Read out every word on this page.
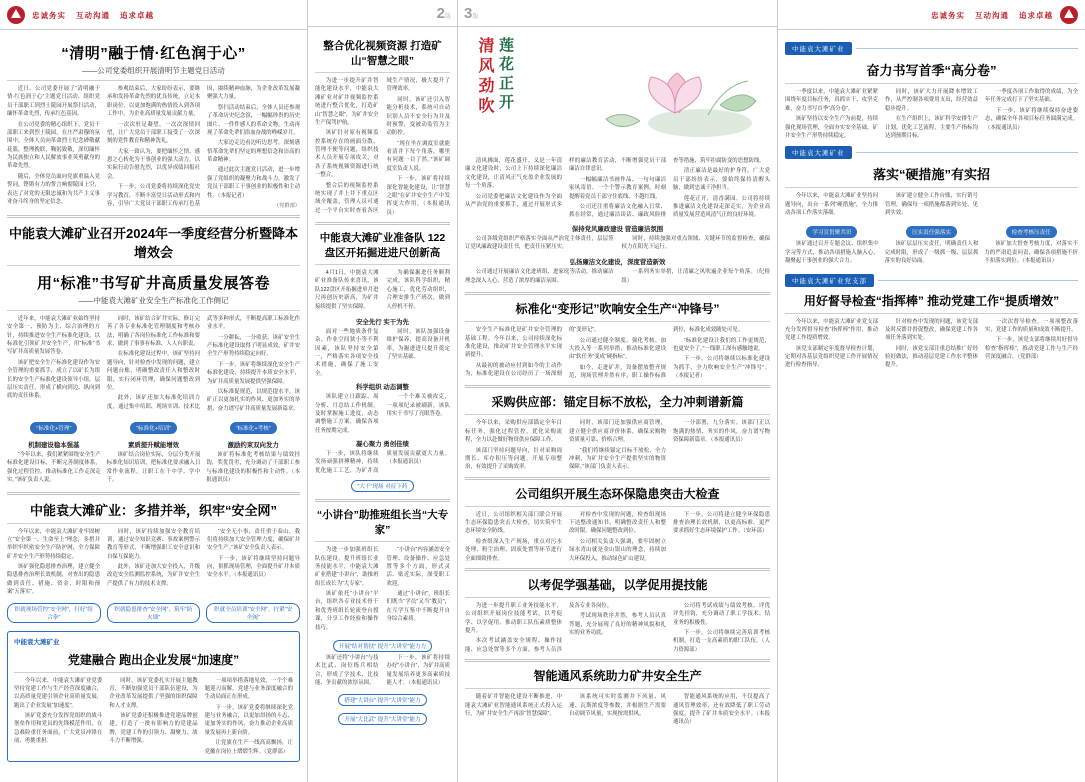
忠诚务实 互动沟通 追求卓越
“清明”融于情·红色润于心”
——公司党委组织开展清明节主题党日活动

近日，公司党委开展了“清明融于情·红色润于心”主题党日活动，组织党员干部职工到烈士陵园开展祭扫活动，缅怀革命先烈，传承红色基因。

在公司党委的精心组织下，党员干部职工来到烈士陵园，在庄严肃穆的氛围中，全体人员向革命烈士纪念碑敬献花篮，整理挽联，鞠躬致敬，深切缅怀为民族独立和人民解放事业英勇献身的革命先烈。

随后，全体党员面向党旗重温入党誓词，铿锵有力的誓言响彻陵园上空，表达了对党的无限忠诚和为共产主义事业奋斗终身的坚定信念。

参观结束后，大家纷纷表示，要继承和发扬革命先烈的优良传统，立足本职岗位，以更加饱满的热情投入到各项工作中，为企业高质量发展贡献力量。

一次次驻足凝望，一次次深情回望，让广大党员干部职工接受了一次深刻的党性教育和精神洗礼。

大家一致认为，要把缅怀之情、感恩之心转化为干事创业的强大动力，以实际行动告慰先烈，以优异成绩回报社会。

下一步，公司党委将持续深化党史学习教育，不断丰富党日活动形式和内容，引导广大党员干部职工传承红色基因，赓续精神血脉，为企业改革发展凝聚强大力量。

祭扫活动结束后，全体人员还参观了革命历史纪念馆，一幅幅珍贵的历史图片、一件件感人的革命文物，生动再现了革命先辈们浴血奋战的峥嵘岁月。

大家边走边看边听边思考，深刻感悟革命先辈们坚定的理想信念和崇高的革命精神。

通过此次主题党日活动，进一步增强了党组织的凝聚力和战斗力，激发了党员干部职工干事创业的积极性和主动性。（本报记者）

（党群部）

中能袁大滩矿业召开2024年一季度经营分析暨降本增效会
用“标准”书写矿井高质量发展答卷
——中能袁大滩矿业安全生产标准化工作侧记

近年来，中能袁大滩矿业始终坚持安全第一、预防为主、综合治理的方针，持续推进安全生产标准化建设，以标准化引领矿井安全生产，用“标准”书写矿井高质量发展答卷。

该矿把安全生产标准化建设作为安全管理的重要抓手，成立了以矿长为组长的安全生产标准化建设领导小组，层层压实责任，形成了横向到边、纵向到底的责任体系。

同时，该矿结合矿井实际，修订完善了各专业标准化管理制度和考核办法，明确了各岗位标准化工作标准和要求，做到了事事有标准、人人有职责。

在标准化建设过程中，该矿坚持问题导向，针对检查中发现的问题，建立问题台账，明确整改责任人和整改时限，实行闭环管理，确保问题整改到位。

此外，该矿还加大标准化培训力度，通过集中培训、现场实训、技术比武等多种形式，不断提高职工标准化作业水平。

一分耕耘，一分收获。该矿安全生产标准化建设取得了明显成效，矿井安全生产形势持续稳定向好。

下一步，该矿将继续深化安全生产标准化建设，持续提升本质安全水平，为矿井高质量发展提供坚强保障。

以标准促规范，以规范提水平，该矿正以更加扎实的作风、更加务实的举措，奋力谱写矿井高质量发展新篇章。

“标准化+管理”
机制建设稳本强基

“今年以来，我们紧紧围绕安全生产标准化建设目标，不断完善制度体系，强化过程管控，推动标准化工作走深走实。”该矿负责人说。

“标准化+培训”
素质提升赋能增效

该矿结合岗位实际，分层分类开展标准化知识培训，把标准化要求融入日常作业流程，让职工在干中学、学中干。

“标准化+考核”
激励约束双向发力

该矿将标准化考核结果与绩效挂钩，奖优罚劣，充分调动了干部职工参与标准化建设的积极性和主动性。（本报通讯员）

中能袁大滩矿业：多措并举，织牢“安全网”

今年以来，中能袁大滩矿业牢固树立“安全第一、生命至上”理念，多措并举织牢织密安全生产防护网，全力保障矿井安全生产形势持续稳定。

该矿强化隐患排查治理，建立健全隐患排查治理长效机制，对查出的隐患做到责任、措施、资金、时限和预案“五落实”。

同时，该矿持续加强安全教育培训，通过安全知识竞赛、事故案例警示教育等形式，不断增强职工安全意识和自保互保能力。

此外，该矿还加大安全投入，升级改造安全监测监控系统，为矿井安全生产提供了有力的技术支撑。

“安全无小事，责任重于泰山。我们将持续加大安全管理力度，确保矿井安全生产。”该矿安全负责人表示。

下一步，该矿将继续坚持问题导向，狠抓现场管理，全面提升矿井本质安全水平。（本报通讯员）

织就现场管控“安全网”，打好“组合拳”
织就隐患排查“安全网”，筑牢“防火墙”
织就全员培训“安全网”，拧紧“安全阀”
中能袁大滩矿业
党建融合 跑出企业发展“加速度”

今年以来，中能袁大滩矿业党委坚持党建工作与生产经营深度融合，以高质量党建引领企业高质量发展，跑出了企业发展“加速度”。

该矿党委充分发挥党组织的战斗堡垒作用和党员的先锋模范作用，在急难险重任务面前，广大党员冲锋在前、勇挑重担。

同时，该矿党委扎实开展主题教育，不断加强党员干部队伍建设，为企业改革发展提供了坚强的组织保障和人才支撑。

该矿党委还积极推进党建品牌创建，打造了一批有影响力的党建品牌，党建工作的引领力、凝聚力、战斗力不断增强。

一项项举措落地见效，一个个难题迎刃而解，党建与业务深度融合的生动局面正在形成。

下一步，该矿党委将继续深化党建与业务融合，以更加昂扬的斗志、更加务实的作风，奋力推动企业高质量发展再上新台阶。

让党旗在生产一线高高飘扬，让党徽在岗位上熠熠生辉。（党群部）

2版
整合优化视频资源 打造矿山“智慧之眼”

为进一步提升矿井智能化建设水平，中能袁大滩矿业对矿井视频监控系统进行整合优化，打造矿山“智慧之眼”，为矿井安全生产保驾护航。

该矿针对原有视频监控系统存在的画面分散、管理不便等问题，组织技术人员开展专项攻关，对各子系统视频资源进行统一整合。

整合后的视频监控系统实现了井上井下重点区域全覆盖，管理人员可通过一个平台实时查看各区域生产情况，极大提升了管理效率。

同时，该矿还引入智能分析技术，系统可自动识别人员不安全行为并及时预警，变被动监管为主动防控。

“现在坐在调度室就能看清井下每个角落，哪里有问题一目了然。”该矿调度室负责人说。

下一步，该矿将持续深化智能化建设，让“智慧之眼”在矿井安全生产中发挥更大作用。（本报通讯员）

中能袁大滩矿业准备队 122盘区开拓掘进进尺创新高

4月1日，中能袁大滩矿业准备队传来喜讯，该队122盘区开拓掘进单月进尺再创历史新高，为矿井接续提供了坚实保障。

为确保掘进任务顺利完成，该队科学组织，精心施工，优化劳动组织，合理安排生产班次，做到人停机不停。

安全先行 实干为先

面对一些地质条件复杂、作业空间狭小等不利因素，该队坚持安全第一，严格落实各项安全技术措施，确保了施工安全。

同时，该队加强设备维护保养，提高设备开机率，为掘进进尺提升奠定了坚实基础。

科学组织 动态调整

该队建立日跟踪、周分析、月总结工作机制，及时掌握施工进度，动态调整施工方案，确保各项任务按期完成。

一个个难关被攻克，一项项纪录被刷新，该队用实干书写了亮眼答卷。

凝心聚力 勇创佳绩

下一步，该队将继续发扬顽强拼搏精神，持续优化施工工艺，为矿井高质量发展贡献更大力量。（本报通讯员）

“大干”现场 对症下药
“小讲台”助推班组长当“大专家”

为进一步加强班组长队伍建设，提升班组长业务技能水平，中能袁大滩矿业搭建“小讲台”，助推班组长成长为“大专家”。

该矿依托“小讲台”平台，组织各专业技术骨干和优秀班组长轮流登台授课，分享工作经验和操作技巧。

“小讲台”内容涵盖安全管理、设备操作、应急处置等多个方面，形式灵活、贴近实际，深受职工欢迎。

通过“小讲台”，班组长们既当“学员”又当“教员”，在互学互鉴中不断提升自身综合素质。

开展“结对帮扶” 提升“大讲堂”能力力

该矿还将“小讲台”与技术比武、岗位练兵相结合，形成了学技术、比技能、争贡献的浓厚氛围。

下一步，该矿将持续办好“小讲台”，为矿井高质量发展培养更多高素质技能人才。（本报通讯员）

搭建“大讲台” 提升“大讲堂”能力
开展“大比武” 提升“大讲堂”能力
3版
清风劲吹 莲花正开

清风拂面，莲花盛开。又是一年清廉文化建设时，公司上下持续深化廉洁文化建设，让清风正气充盈企业发展的每一个角落。

公司党委把廉洁文化建设作为全面从严治党的重要抓手，通过开展形式多样的廉洁教育活动，不断增强党员干部廉洁自律意识。

一幅幅廉洁书画作品、一句句廉洁家风寄语、一个个警示教育案例，时刻提醒着党员干部守住底线、不越红线。

公司还注重将廉洁文化融入日常、抓在经常，通过廉洁谈话、廉政风险排查等措施，筑牢拒腐防变的思想防线。

清正廉洁是最好的护身符。广大党员干部纷纷表示，要始终保持清醒头脑，做到忠诚干净担当。

莲花正开，清香满园。公司将持续推进廉洁文化建设走深走实，为企业高质量发展营造风清气正的良好环境。

保持党风廉政建设 营造廉洁氛围

公司各级党组织严格落实全面从严治党主体责任，层层签订党风廉政建设责任书，把责任压紧压实。

同时，持续加强对重点领域、关键环节的监督检查，确保权力在阳光下运行。

弘扬廉洁文化建设，深度营造新效

公司通过开展廉洁文化进班组、进家庭等活动，推动廉洁理念深入人心，营造了浓厚的廉洁氛围。

一系列务实举措，让清廉之风吹遍企业每个角落。（纪检组）

标准化“变形记”吹响安全生产“冲锋号”

安全生产标准化是矿井安全管理的基础工程。今年以来，公司持续深化标准化建设，推动矿井安全管理水平实现新提升。

从最初的被动应付到如今的主动作为，标准化建设在公司经历了一场深刻的“变形记”。

公司通过健全制度、强化考核、加大投入等一系列举措，推动标准化建设由“软任务”变成“硬指标”。

如今，走进矿井，设备摆放整齐规范，现场管理井然有序，职工操作标准到位，标准化成效随处可见。

“标准化建设让我们的工作更规范，也更安全了。”一线职工深有感触地说。

下一步，公司将继续以标准化建设为抓手，全力吹响安全生产“冲锋号”。（本报记者）

采购供应部：锚定目标不放松，全力冲刺谱新篇

今年以来，采购供应部锚定全年目标任务，强化过程管控，优化采购流程，全力以赴做好物资供应保障工作。

该部门坚持问题导向，针对采购周期长、库存积压等问题，开展专项整治，有效提升了采购效率。

同时，该部门还加强供应商管理，建立健全供应商评价体系，确保采购物资质量可靠、价格合理。

“我们将继续锚定目标不放松，全力冲刺，为矿井安全生产提供坚实的物资保障。”该部门负责人表示。

一分部署，九分落实。该部门正以饱满的热情、务实的作风，奋力谱写物资保障新篇章。（本报通讯员）

公司组织开展生态环保隐患突击大检查

近日，公司组织相关部门联合开展生态环保隐患突击大检查，切实筑牢生态环境安全防线。

检查组深入生产现场，重点对污水处理、粉尘治理、固废处置等环节进行全面细致排查。

对检查中发现的问题，检查组现场下达整改通知书，明确整改责任人和整改时限，确保问题整改到位。

公司相关负责人强调，要牢固树立绿水青山就是金山银山的理念，持续加大环保投入，推动绿色矿山建设。

下一步，公司将建立健全环保隐患排查治理长效机制，以更高标准、更严要求抓好生态环境保护工作。（安环部）

以考促学强基础，以学促用提技能

为进一步提升职工业务技能水平，公司组织开展岗位技能考试，以考促学、以学促用，推动职工队伍素质整体提升。

本次考试涵盖安全规程、操作技能、应急处置等多个方面，参考人员涉及各专业各岗位。

考试现场秩序井然，参考人员认真答题，充分展现了良好的精神风貌和扎实的业务功底。

公司将考试成绩与绩效考核、评优评先挂钩，充分调动了职工学技术、钻业务的积极性。

下一步，公司将继续完善培训考核机制，打造一支高素质的职工队伍。（人力资源部）

智能通风系统助力矿井安全生产

随着矿井智能化建设不断推进，中能袁大滩矿业智能通风系统正式投入运行，为矿井安全生产再添“智慧保障”。

该系统可实时监测井下风量、风速、瓦斯浓度等参数，并根据生产需要自动调节风量，实现按需供风。

智能通风系统的应用，不仅提高了通风管理效率，还有效降低了职工劳动强度，提升了矿井本质安全水平。（本报通讯员）

忠诚务实 互动沟通 追求卓越
中能袁大滩矿业
奋力书写首季“高分卷”

一季度以来，中能袁大滩矿业紧紧围绕年度目标任务，真抓实干、攻坚克难，奋力书写首季“高分卷”。

该矿坚持以安全生产为前提，持续强化现场管理，全面夯实安全基础，矿井安全生产形势持续稳定。

同时，该矿大力开展降本增效工作，从严控制各项费用支出，经营效益稳步提升。

在生产组织上，该矿科学安排生产计划，优化工艺流程，主要生产指标均达到预期目标。

一季度各项工作取得的成绩，为全年任务完成打下了坚实基础。

下一步，该矿将继续保持奋进姿态，确保全年各项目标任务圆满完成。（本报通讯员）

中能袁大滩矿业
落实“硬措施”有实招

今年以来，中能袁大滩矿业坚持问题导向，出台一系列“硬措施”，全力推动各项工作落实落细。

该矿建立健全工作台账，实行销号管理，确保每一项措施都落到实处、见到实效。

学习宣贯聚共识

该矿通过召开专题会议、组织集中学习等方式，推动各项措施入脑入心，凝聚起干事创业的强大合力。

压实责任强落实

该矿层层压实责任，明确责任人和完成时限，形成了一级抓一级、层层抓落实的良好局面。

检查考核压责任

该矿加大督查考核力度，对落实不力的严肃追责问责，确保各项措施不折不扣落实到位。（本报通讯员）

中能袁大滩矿业党支部
用好督导检查“指挥棒” 推动党建工作“提质增效”

今年以来，中能袁大滩矿业党支部充分发挥督导检查“指挥棒”作用，推动党建工作提质增效。

该党支部制定年度督导检查计划，定期对各基层党组织党建工作开展情况进行检查指导。

针对检查中发现的问题，该党支部及时反馈并督促整改，确保党建工作各项任务落到实处。

同时，该党支部注重总结推广好经验好做法，推动基层党建工作水平整体提升。

一次次督导检查，一项项整改落实，党建工作的质量和成效不断提升。

下一步，该党支部将继续用好督导检查“指挥棒”，推动党建工作与生产经营深度融合。（党群部）
